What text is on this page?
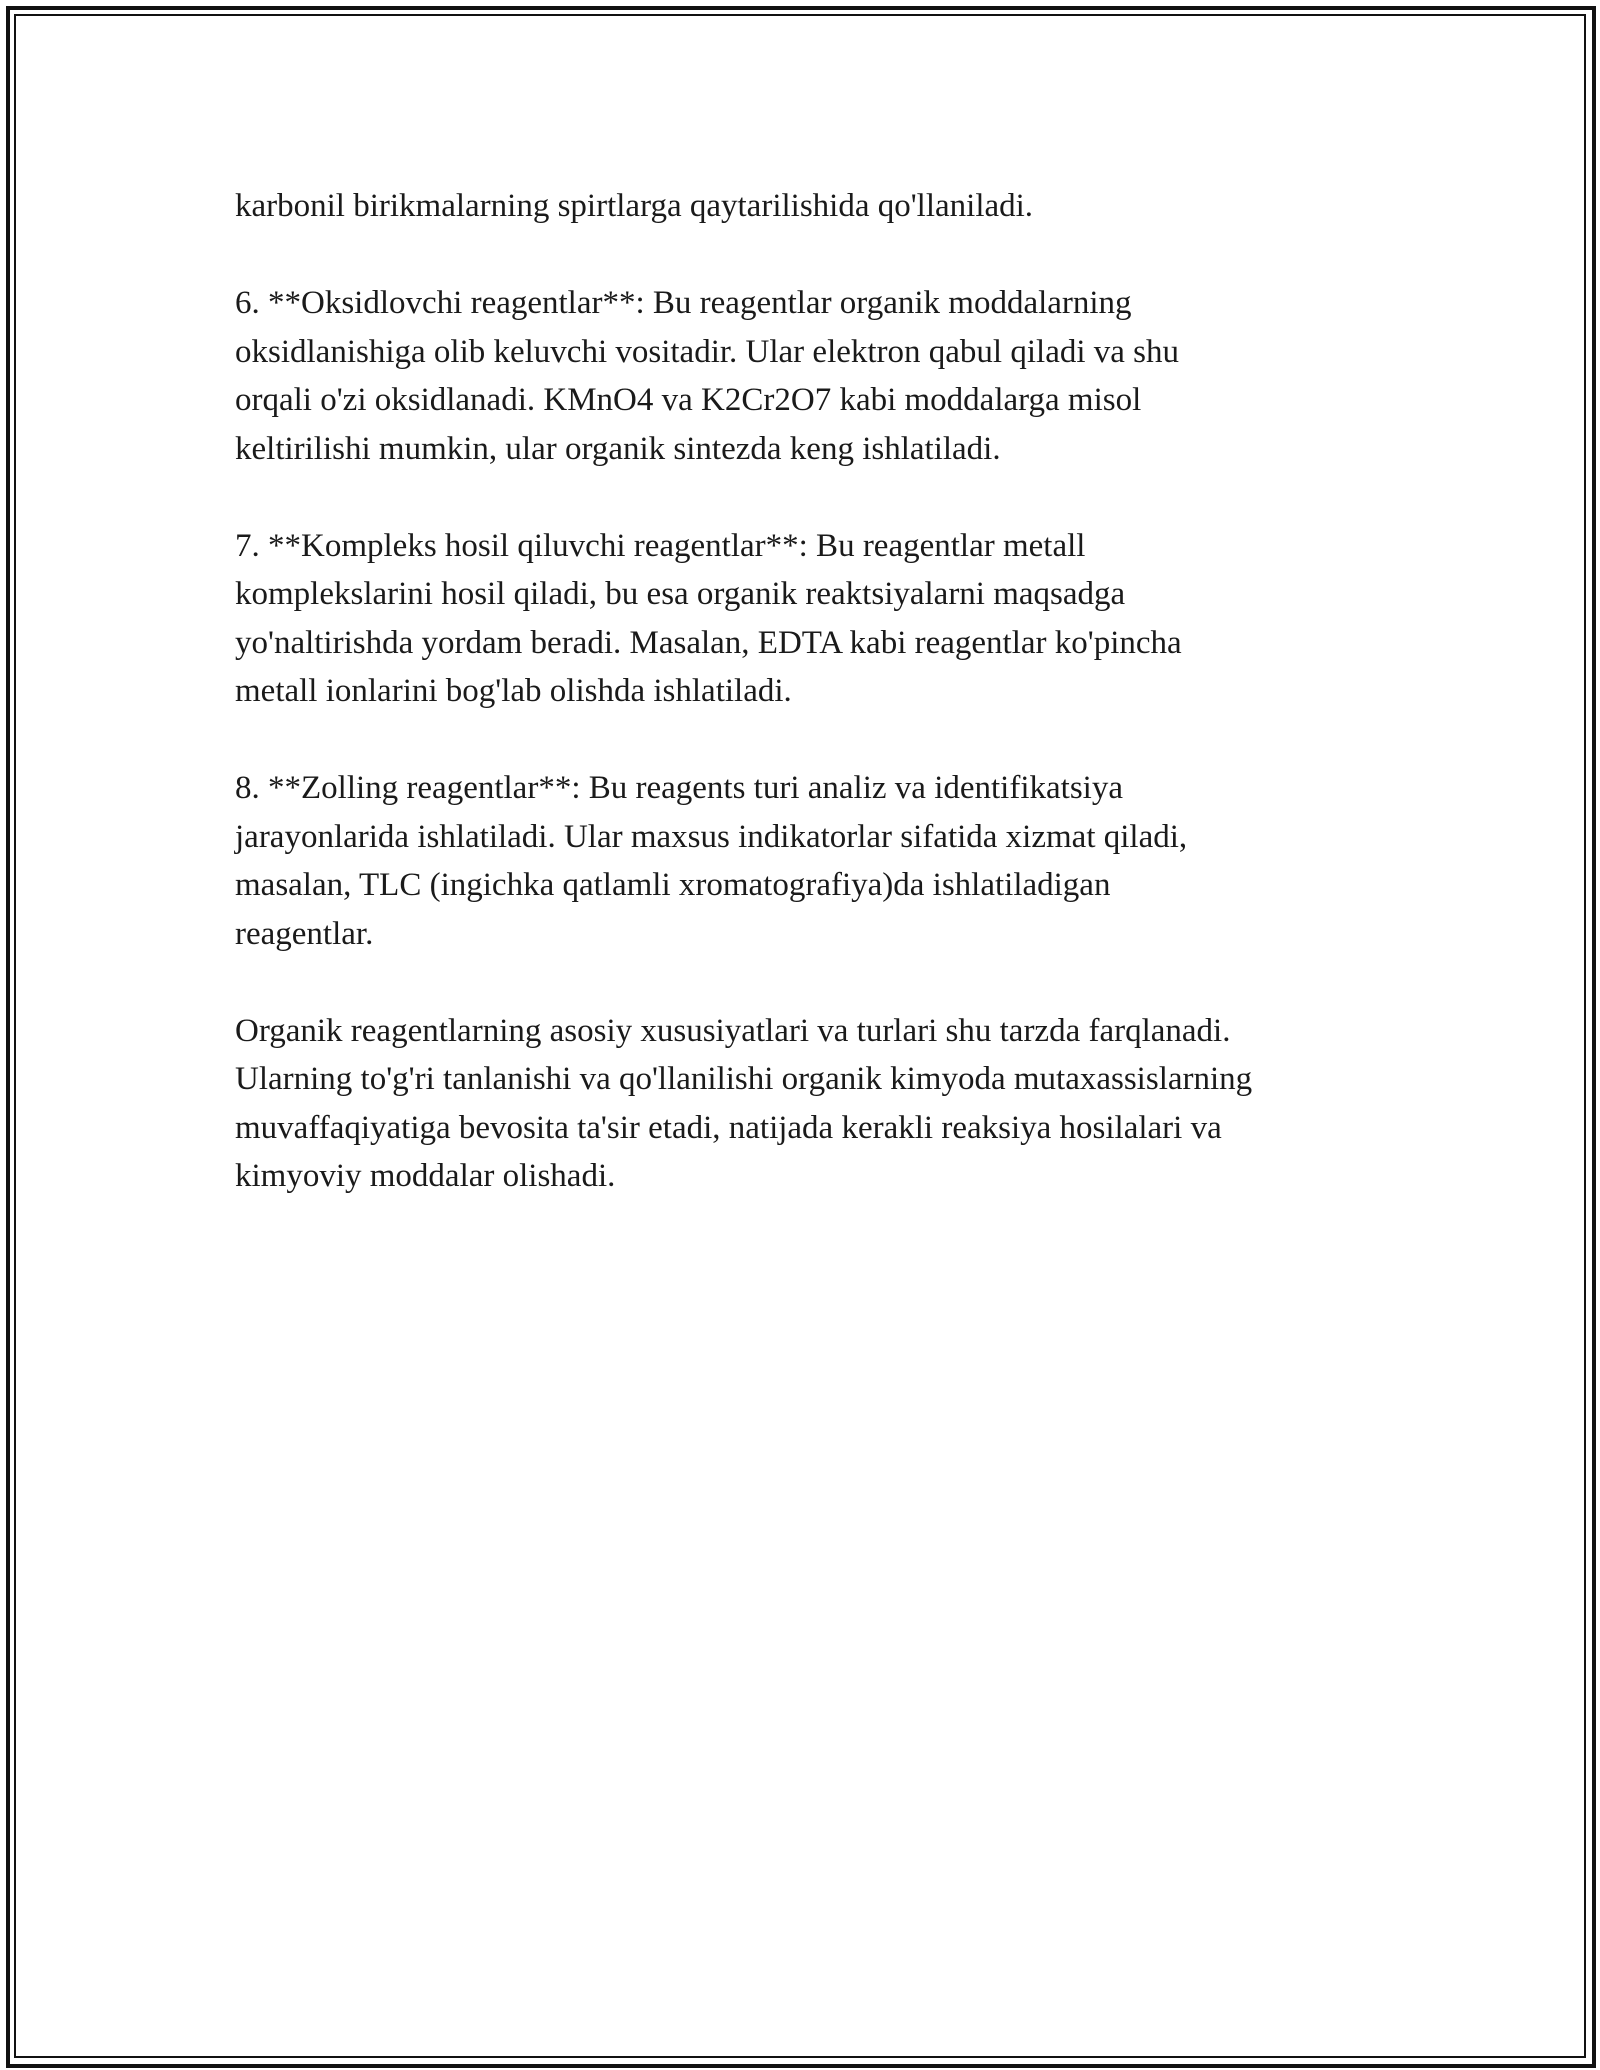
karbonil birikmalarning spirtlarga qaytarilishida qo'llaniladi.

6. **Oksidlovchi reagentlar**: Bu reagentlar organik moddalarning
oksidlanishiga olib keluvchi vositadir. Ular elektron qabul qiladi va shu
orqali o'zi oksidlanadi. KMnO4 va K2Cr2O7 kabi moddalarga misol
keltirilishi mumkin, ular organik sintezda keng ishlatiladi.

7. **Kompleks hosil qiluvchi reagentlar**: Bu reagentlar metall
komplekslarini hosil qiladi, bu esa organik reaktsiyalarni maqsadga
yo'naltirishda yordam beradi. Masalan, EDTA kabi reagentlar ko'pincha
metall ionlarini bog'lab olishda ishlatiladi.

8. **Zolling reagentlar**: Bu reagents turi analiz va identifikatsiya
jarayonlarida ishlatiladi. Ular maxsus indikatorlar sifatida xizmat qiladi,
masalan, TLC (ingichka qatlamli xromatografiya)da ishlatiladigan
reagentlar.

Organik reagentlarning asosiy xususiyatlari va turlari shu tarzda farqlanadi.
Ularning to'g'ri tanlanishi va qo'llanilishi organik kimyoda mutaxassislarning
muvaffaqiyatiga bevosita ta'sir etadi, natijada kerakli reaksiya hosilalari va
kimyoviy moddalar olishadi.
